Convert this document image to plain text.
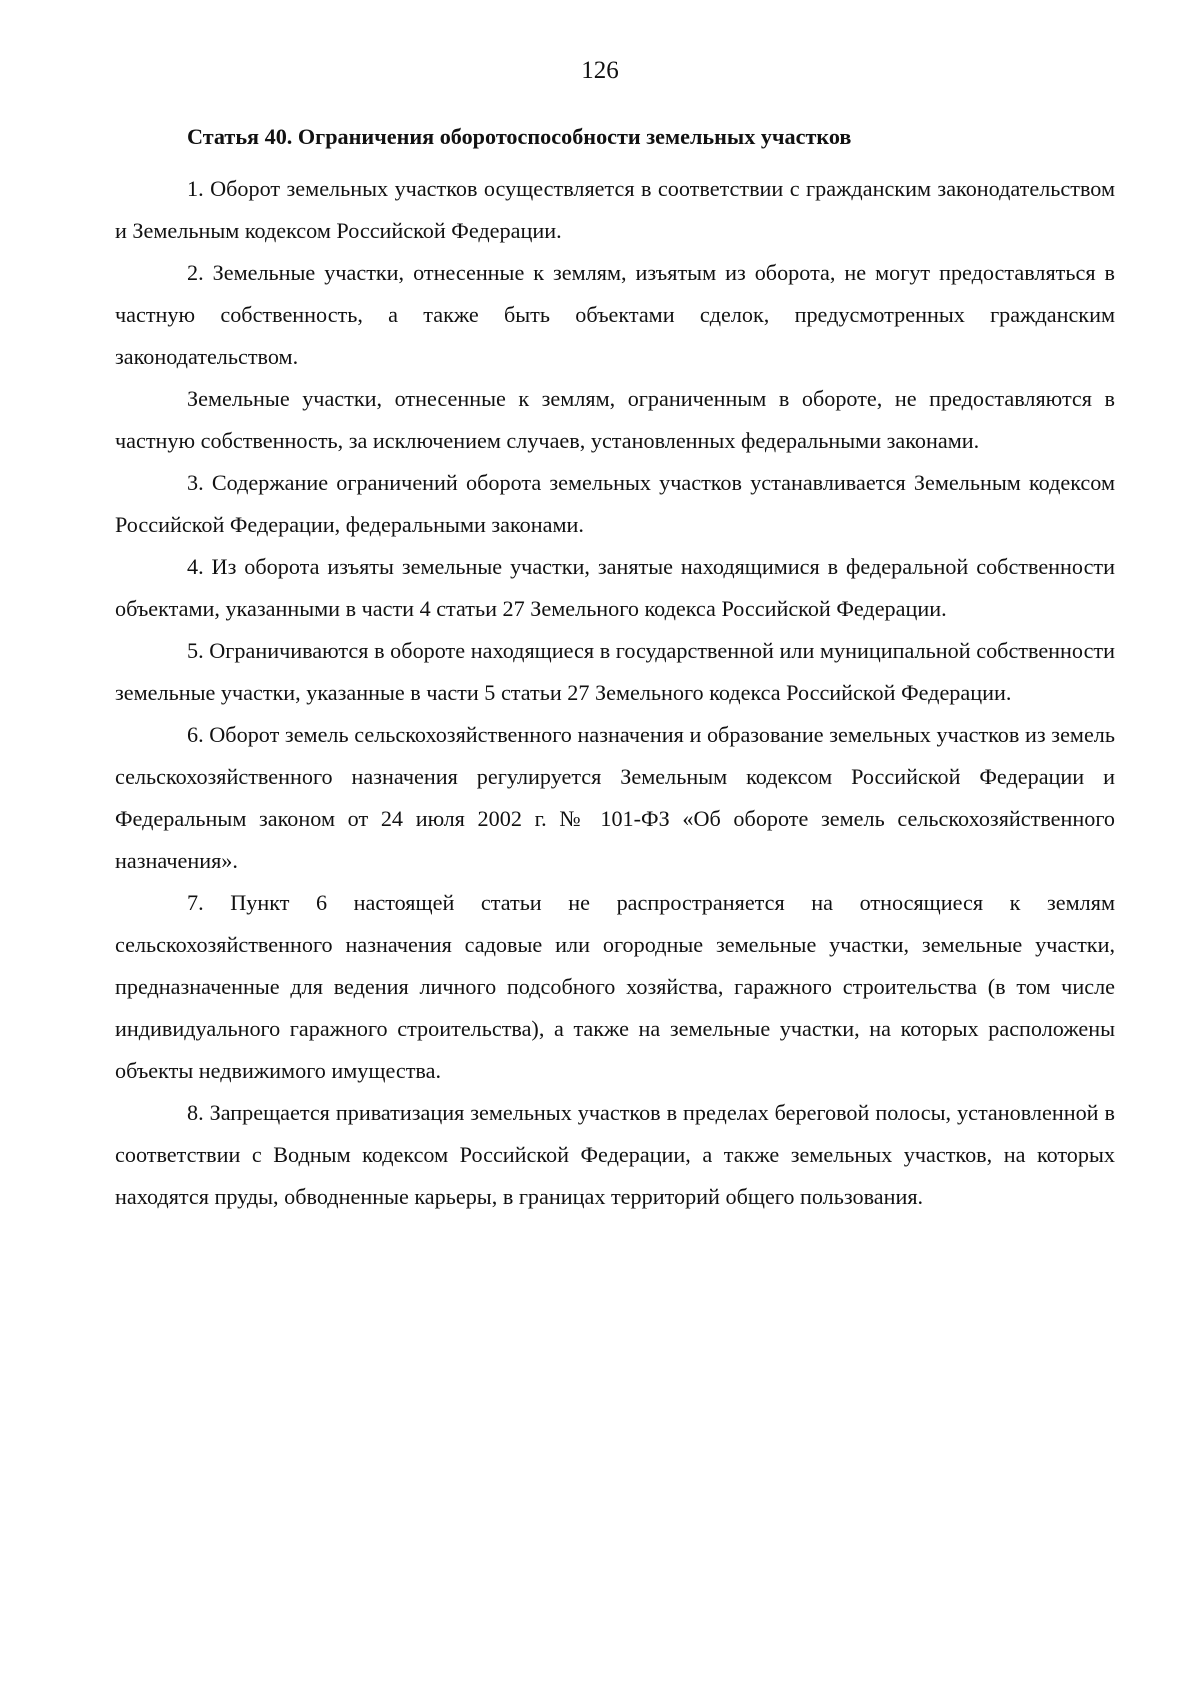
126
Статья 40. Ограничения оборотоспособности земельных участков

1. Оборот земельных участков осуществляется в соответствии с гражданским законодательством и Земельным кодексом Российской Федерации.

2. Земельные участки, отнесенные к землям, изъятым из оборота, не могут предоставляться в частную собственность, а также быть объектами сделок, предусмотренных гражданским законодательством.

Земельные участки, отнесенные к землям, ограниченным в обороте, не предоставляются в частную собственность, за исключением случаев, установленных федеральными законами.

3. Содержание ограничений оборота земельных участков устанавливается Земельным кодексом Российской Федерации, федеральными законами.

4. Из оборота изъяты земельные участки, занятые находящимися в федеральной собственности объектами, указанными в части 4 статьи 27 Земельного кодекса Российской Федерации.

5. Ограничиваются в обороте находящиеся в государственной или муниципальной собственности земельные участки, указанные в части 5 статьи 27 Земельного кодекса Российской Федерации.

6. Оборот земель сельскохозяйственного назначения и образование земельных участков из земель сельскохозяйственного назначения регулируется Земельным кодексом Российской Федерации и Федеральным законом от 24 июля 2002 г. № 101-ФЗ «Об обороте земель сельскохозяйственного назначения».

7. Пункт 6 настоящей статьи не распространяется на относящиеся к землям сельскохозяйственного назначения садовые или огородные земельные участки, земельные участки, предназначенные для ведения личного подсобного хозяйства, гаражного строительства (в том числе индивидуального гаражного строительства), а также на земельные участки, на которых расположены объекты недвижимого имущества.

8. Запрещается приватизация земельных участков в пределах береговой полосы, установленной в соответствии с Водным кодексом Российской Федерации, а также земельных участков, на которых находятся пруды, обводненные карьеры, в границах территорий общего пользования.
